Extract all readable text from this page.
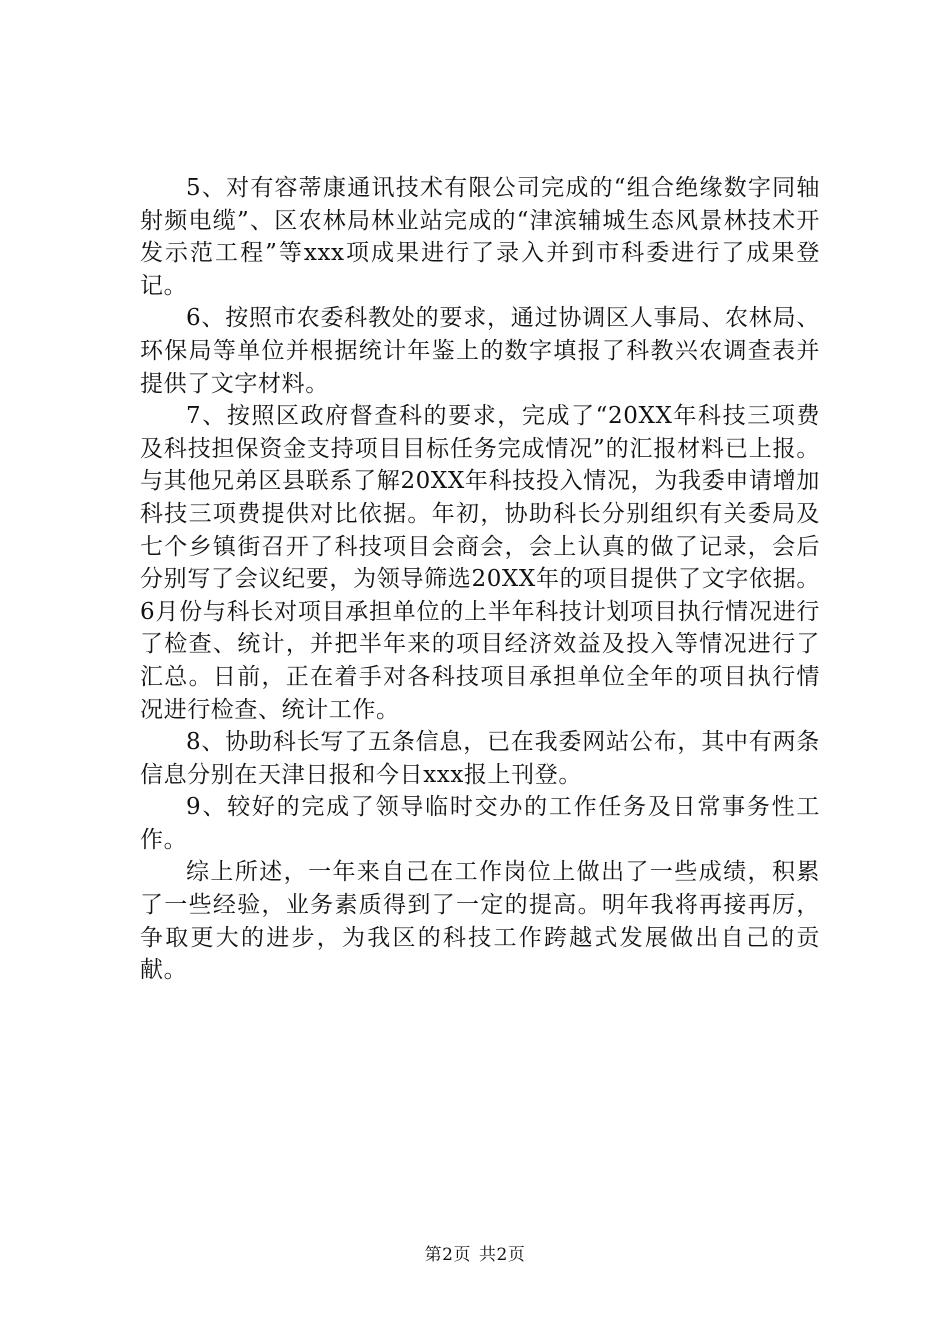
5、对有容蒂康通讯技术有限公司完成的“组合绝缘数字同轴射频电缆”、区农林局林业站完成的“津滨辅城生态风景林技术开发示范工程”等xxx项成果进行了录入并到市科委进行了成果登记。

6、按照市农委科教处的要求，通过协调区人事局、农林局、环保局等单位并根据统计年鉴上的数字填报了科教兴农调查表并提供了文字材料。

7、按照区政府督查科的要求，完成了“20XX年科技三项费及科技担保资金支持项目目标任务完成情况”的汇报材料已上报。与其他兄弟区县联系了解20XX年科技投入情况，为我委申请增加科技三项费提供对比依据。年初，协助科长分别组织有关委局及七个乡镇街召开了科技项目会商会，会上认真的做了记录，会后分别写了会议纪要，为领导筛选20XX年的项目提供了文字依据。6月份与科长对项目承担单位的上半年科技计划项目执行情况进行了检查、统计，并把半年来的项目经济效益及投入等情况进行了汇总。日前，正在着手对各科技项目承担单位全年的项目执行情况进行检查、统计工作。

8、协助科长写了五条信息，已在我委网站公布，其中有两条信息分别在天津日报和今日xxx报上刊登。

9、较好的完成了领导临时交办的工作任务及日常事务性工作。

综上所述，一年来自己在工作岗位上做出了一些成绩，积累了一些经验，业务素质得到了一定的提高。明年我将再接再厉，争取更大的进步，为我区的科技工作跨越式发展做出自己的贡献。

第2页 共2页
